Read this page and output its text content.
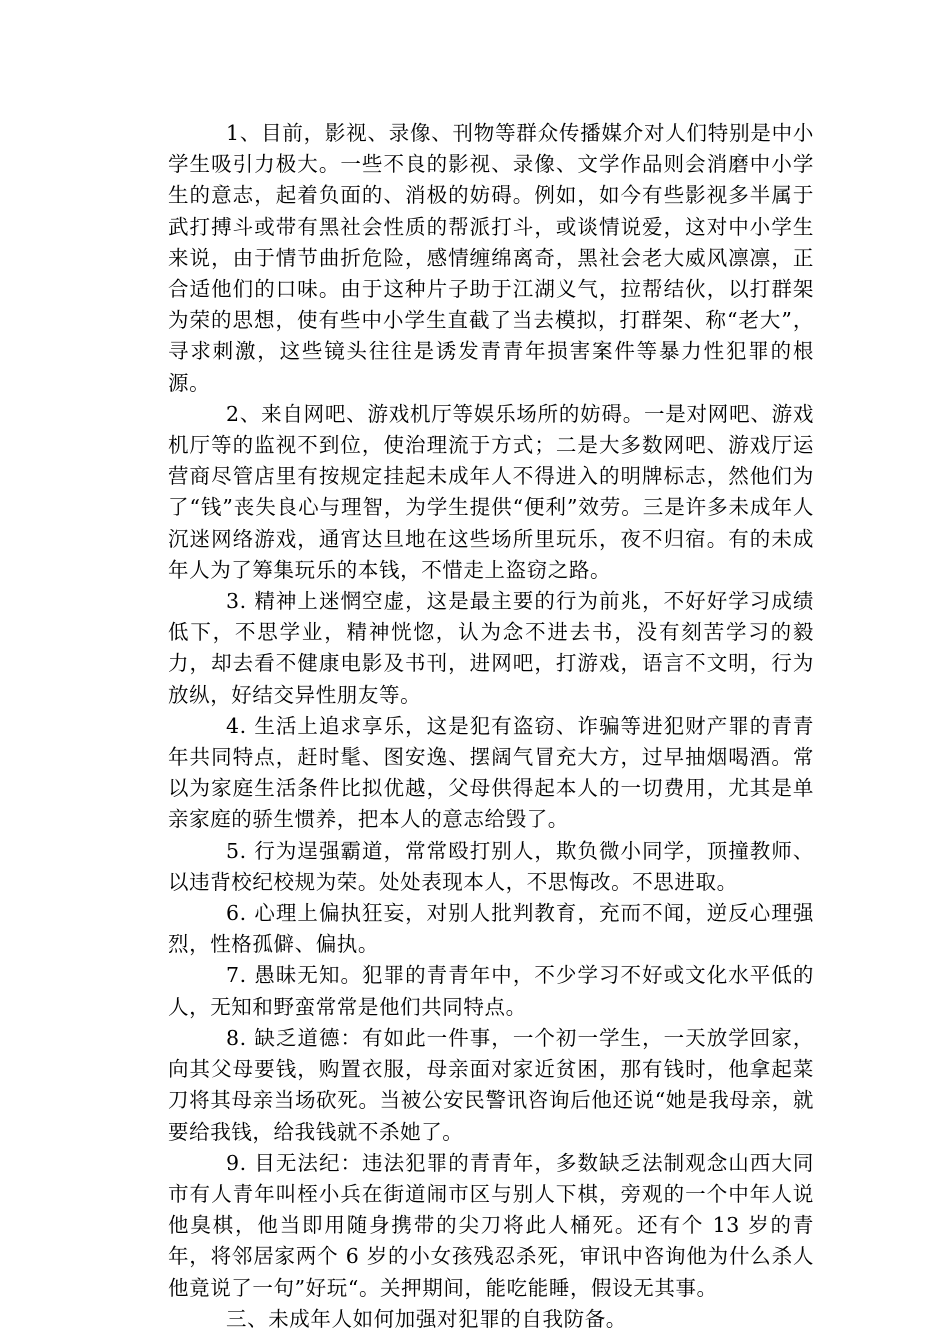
1、目前，影视、录像、刊物等群众传播媒介对人们特别是中小学生吸引力极大。一些不良的影视、录像、文学作品则会消磨中小学生的意志，起着负面的、消极的妨碍。例如，如今有些影视多半属于武打搏斗或带有黑社会性质的帮派打斗，或谈情说爱，这对中小学生来说，由于情节曲折危险，感情缠绵离奇，黑社会老大威风凛凛，正合适他们的口味。由于这种片子助于江湖义气，拉帮结伙，以打群架为荣的思想，使有些中小学生直截了当去模拟，打群架、称“老大”，寻求刺激，这些镜头往往是诱发青青年损害案件等暴力性犯罪的根源。

2、来自网吧、游戏机厅等娱乐场所的妨碍。一是对网吧、游戏机厅等的监视不到位，使治理流于方式；二是大多数网吧、游戏厅运营商尽管店里有按规定挂起未成年人不得进入的明牌标志，然他们为了“钱”丧失良心与理智，为学生提供“便利”效劳。三是许多未成年人沉迷网络游戏，通宵达旦地在这些场所里玩乐，夜不归宿。有的未成年人为了筹集玩乐的本钱，不惜走上盗窃之路。

3. 精神上迷惘空虚，这是最主要的行为前兆，不好好学习成绩低下，不思学业，精神恍惚，认为念不进去书，没有刻苦学习的毅力，却去看不健康电影及书刊，进网吧，打游戏，语言不文明，行为放纵，好结交异性朋友等。

4. 生活上追求享乐，这是犯有盗窃、诈骗等进犯财产罪的青青年共同特点，赶时髦、图安逸、摆阔气冒充大方，过早抽烟喝酒。常以为家庭生活条件比拟优越，父母供得起本人的一切费用，尤其是单亲家庭的骄生惯养，把本人的意志给毁了。

5. 行为逞强霸道，常常殴打别人，欺负微小同学，顶撞教师、以违背校纪校规为荣。处处表现本人，不思悔改。不思进取。

6. 心理上偏执狂妄，对别人批判教育，充而不闻，逆反心理强烈，性格孤僻、偏执。

7. 愚昧无知。犯罪的青青年中，不少学习不好或文化水平低的人，无知和野蛮常常是他们共同特点。

8. 缺乏道德：有如此一件事，一个初一学生，一天放学回家，向其父母要钱，购置衣服，母亲面对家近贫困，那有钱时，他拿起菜刀将其母亲当场砍死。当被公安民警讯咨询后他还说“她是我母亲，就要给我钱，给我钱就不杀她了。

9. 目无法纪：违法犯罪的青青年，多数缺乏法制观念山西大同市有人青年叫桎小兵在街道闹市区与别人下棋，旁观的一个中年人说他臭棋，他当即用随身携带的尖刀将此人桶死。还有个 13 岁的青年，将邻居家两个 6 岁的小女孩残忍杀死，审讯中咨询他为什么杀人他竟说了一句”好玩“。关押期间，能吃能睡，假设无其事。

三、未成年人如何加强对犯罪的自我防备。
